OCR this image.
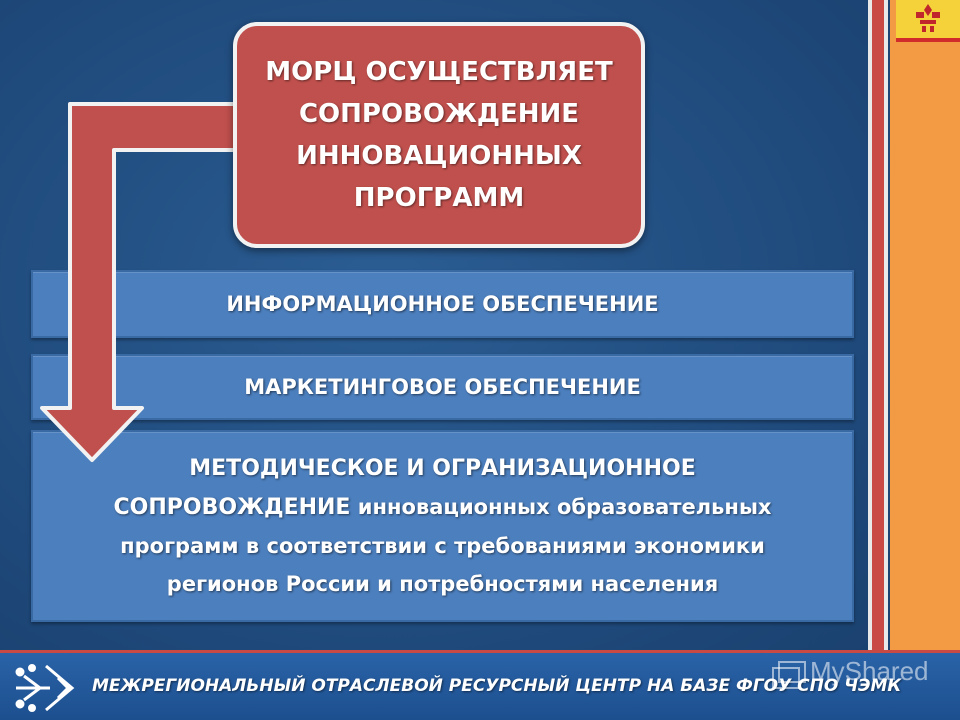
ИНФОРМАЦИОННОЕ ОБЕСПЕЧЕНИЕ
МАРКЕТИНГОВОЕ ОБЕСПЕЧЕНИЕ
МЕТОДИЧЕСКОЕ И ОГРАНИЗАЦИОННОЕ
СОПРОВОЖДЕНИЕ инновационных образовательных
программ в соответствии с требованиями экономики
регионов России и потребностями населения
МОРЦ ОСУЩЕСТВЛЯЕТ
СОПРОВОЖДЕНИЕ
ИННОВАЦИОННЫХ
ПРОГРАММ
МЕЖРЕГИОНАЛЬНЫЙ ОТРАСЛЕВОЙ РЕСУРСНЫЙ ЦЕНТР НА БАЗЕ ФГОУ СПО ЧЭМК
MyShared
